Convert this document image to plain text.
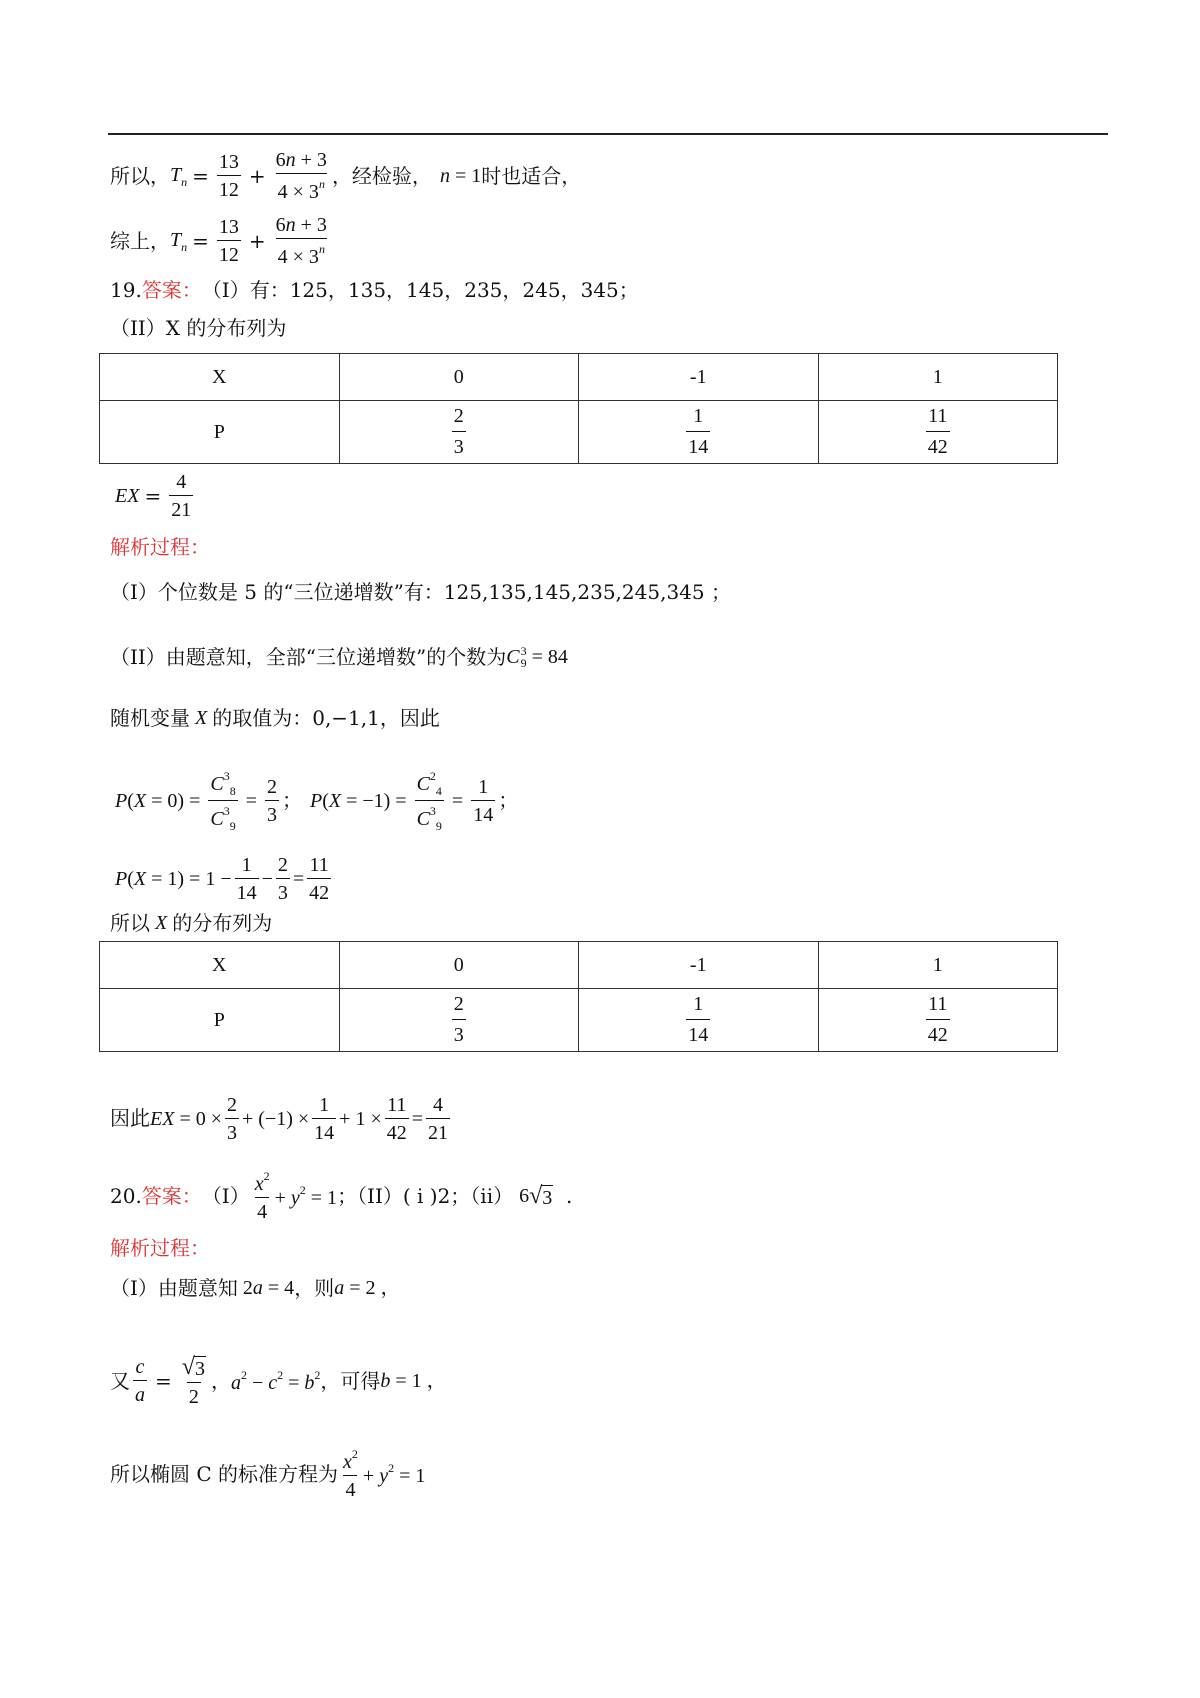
所以， $T_n = \frac{13}{12} + \frac{6n + 3}{4 \times 3^n}$ ，经检验， n = 1 时也适合，
综上， $T_n = \frac{13}{12} + \frac{6n + 3}{4 \times 3^n}$
19. 答案： （I）有：125，135，145，235，245，345；
（II）X 的分布列为
X	0	-1	1
P	$\frac{2}{3}$	$\frac{1}{14}$	$\frac{11}{42}$
EX = $\frac{4}{21}$
解析过程：
（I）个位数是 5 的“三位递增数”有：125,135,145,235,245,345 ；
（II）由题意知，全部“三位递增数”的个数为 C 3
9 = 84
随机变量 X 的取值为：0,−1,1，因此
P ( $X = 0) = \frac{C^3_8}{C^3_9} = \frac{2}{3}$ ； P ( $X = -1) = \frac{C^2_4}{C^3_9} = \frac{1}{14}$ ；
P ( $X = 1) = 1 - \frac{1}{14} - \frac{2}{3} = \frac{11}{42}$
所以 X 的分布列为
X	0	-1	1
P	$\frac{2}{3}$	$\frac{1}{14}$	$\frac{11}{42}$
因此 EX = $0 \times \frac{2}{3} + (-1) \times \frac{1}{14} + 1 \times \frac{11}{42} = \frac{4}{21}$
20. 答案： $(I) \frac{x^2}{4} + y^2 = 1$ ；（II）( i )2；（ii） 6 √ 3 .
解析过程：
（I）由题意知 2a = 4 ，则 a = 2 ，
又 $\frac{c}{a} = \frac{√ 3}{2}$ ， $a^2 - c^2 = b^2$ ，可得 b = 1 ，
所以椭圆 C 的标准方程为 $\frac{x^2}{4} + y^2 = 1$
